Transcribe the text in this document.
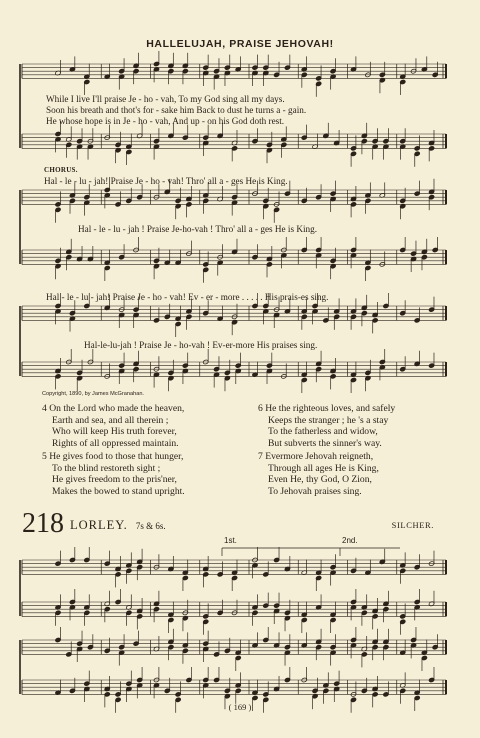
HALLELUJAH, PRAISE JEHOVAH!
While I live I'll praise Je - ho - vah, To my God sing all my days.
Soon his breath and thot's for - sake him Back to dust he turns a - gain.
He whose hope is in Je - ho - vah, And up - on his God doth rest.
CHORUS.
Hal - le - lu - jah! Praise Je - ho - vah! Thro' all a - ges He is King.
Hal - le - lu - jah ! Praise Je-ho-vah ! Thro' all a - ges He is King.
Hal - le - lu - jah! Praise Je - ho - vah! Ev - er - more . . . . . His prais-es sing.
Hal-le-lu-jah ! Praise Je - ho-vah ! Ev-er-more His praises sing.
Copyright, 1890, by James McGranahan.
4 On the Lord who made the heaven,
Earth and sea, and all therein ;
Who will keep His truth forever,
Rights of all oppressed maintain.
5 He gives food to those that hunger,
To the blind restoreth sight ;
He gives freedom to the pris'ner,
Makes the bowed to stand upright.
6 He the righteous loves, and safely
Keeps the stranger ; he 's a stay
To the fatherless and widow,
But subverts the sinner's way.
7 Evermore Jehovah reigneth,
Through all ages He is King,
Even He, thy God, O Zion,
To Jehovah praises sing.
218 LORLEY. 7s & 6s.	SILCHER.
1st.	2nd.
( 169 )
